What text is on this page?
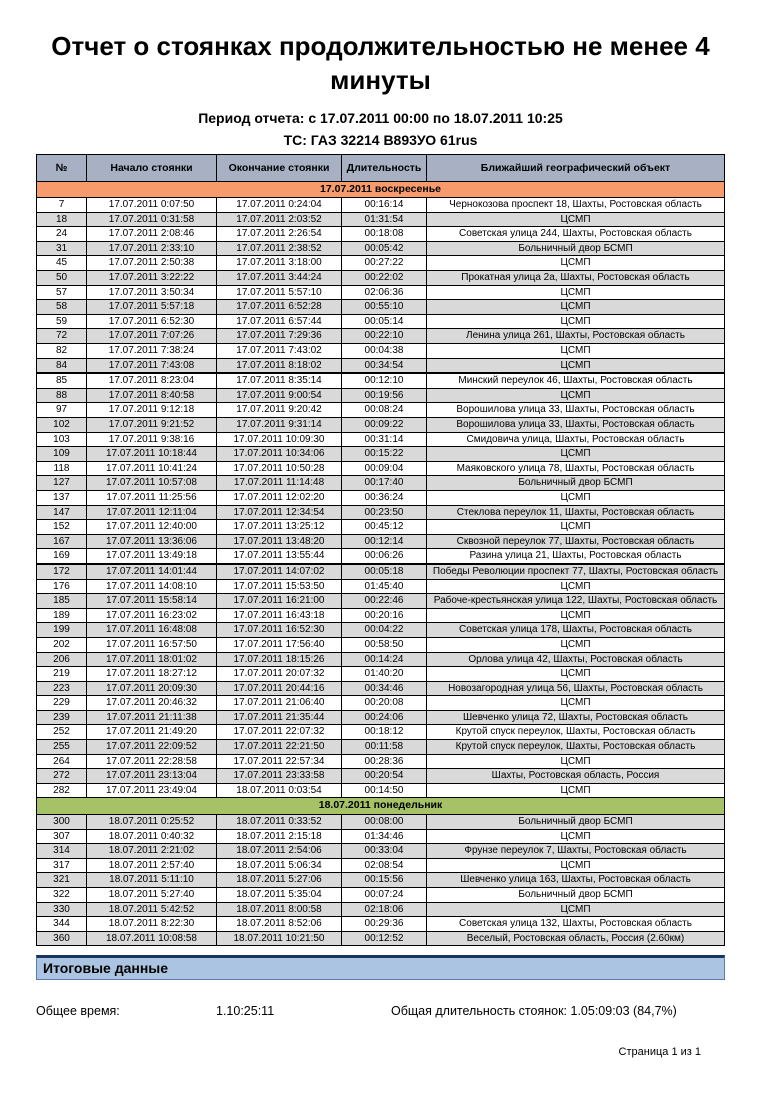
Отчет о стоянках продолжительностью не менее 4 минуты
Период отчета: с 17.07.2011 00:00 по 18.07.2011 10:25
ТС: ГАЗ 32214 В893УО 61rus
№	Начало стоянки	Окончание стоянки	Длительность	Ближайший географический объект
17.07.2011 воскресенье				
7	17.07.2011 0:07:50	17.07.2011 0:24:04	00:16:14	Чернокозова проспект 18, Шахты, Ростовская область
18	17.07.2011 0:31:58	17.07.2011 2:03:52	01:31:54	ЦСМП
24	17.07.2011 2:08:46	17.07.2011 2:26:54	00:18:08	Советская улица 244, Шахты, Ростовская область
31	17.07.2011 2:33:10	17.07.2011 2:38:52	00:05:42	Больничный двор БСМП
45	17.07.2011 2:50:38	17.07.2011 3:18:00	00:27:22	ЦСМП
50	17.07.2011 3:22:22	17.07.2011 3:44:24	00:22:02	Прокатная улица 2а, Шахты, Ростовская область
57	17.07.2011 3:50:34	17.07.2011 5:57:10	02:06:36	ЦСМП
58	17.07.2011 5:57:18	17.07.2011 6:52:28	00:55:10	ЦСМП
59	17.07.2011 6:52:30	17.07.2011 6:57:44	00:05:14	ЦСМП
72	17.07.2011 7:07:26	17.07.2011 7:29:36	00:22:10	Ленина улица 261, Шахты, Ростовская область
82	17.07.2011 7:38:24	17.07.2011 7:43:02	00:04:38	ЦСМП
84	17.07.2011 7:43:08	17.07.2011 8:18:02	00:34:54	ЦСМП
85	17.07.2011 8:23:04	17.07.2011 8:35:14	00:12:10	Минский переулок 46, Шахты, Ростовская область
88	17.07.2011 8:40:58	17.07.2011 9:00:54	00:19:56	ЦСМП
97	17.07.2011 9:12:18	17.07.2011 9:20:42	00:08:24	Ворошилова улица 33, Шахты, Ростовская область
102	17.07.2011 9:21:52	17.07.2011 9:31:14	00:09:22	Ворошилова улица 33, Шахты, Ростовская область
103	17.07.2011 9:38:16	17.07.2011 10:09:30	00:31:14	Смидовича улица, Шахты, Ростовская область
109	17.07.2011 10:18:44	17.07.2011 10:34:06	00:15:22	ЦСМП
118	17.07.2011 10:41:24	17.07.2011 10:50:28	00:09:04	Маяковского улица 78, Шахты, Ростовская область
127	17.07.2011 10:57:08	17.07.2011 11:14:48	00:17:40	Больничный двор БСМП
137	17.07.2011 11:25:56	17.07.2011 12:02:20	00:36:24	ЦСМП
147	17.07.2011 12:11:04	17.07.2011 12:34:54	00:23:50	Стеклова переулок 11, Шахты, Ростовская область
152	17.07.2011 12:40:00	17.07.2011 13:25:12	00:45:12	ЦСМП
167	17.07.2011 13:36:06	17.07.2011 13:48:20	00:12:14	Сквозной переулок 77, Шахты, Ростовская область
169	17.07.2011 13:49:18	17.07.2011 13:55:44	00:06:26	Разина улица 21, Шахты, Ростовская область
172	17.07.2011 14:01:44	17.07.2011 14:07:02	00:05:18	Победы Революции проспект 77, Шахты, Ростовская область
176	17.07.2011 14:08:10	17.07.2011 15:53:50	01:45:40	ЦСМП
185	17.07.2011 15:58:14	17.07.2011 16:21:00	00:22:46	Рабоче-крестьянская улица 122, Шахты, Ростовская область
189	17.07.2011 16:23:02	17.07.2011 16:43:18	00:20:16	ЦСМП
199	17.07.2011 16:48:08	17.07.2011 16:52:30	00:04:22	Советская улица 178, Шахты, Ростовская область
202	17.07.2011 16:57:50	17.07.2011 17:56:40	00:58:50	ЦСМП
206	17.07.2011 18:01:02	17.07.2011 18:15:26	00:14:24	Орлова улица 42, Шахты, Ростовская область
219	17.07.2011 18:27:12	17.07.2011 20:07:32	01:40:20	ЦСМП
223	17.07.2011 20:09:30	17.07.2011 20:44:16	00:34:46	Новозагородная улица 56, Шахты, Ростовская область
229	17.07.2011 20:46:32	17.07.2011 21:06:40	00:20:08	ЦСМП
239	17.07.2011 21:11:38	17.07.2011 21:35:44	00:24:06	Шевченко улица 72, Шахты, Ростовская область
252	17.07.2011 21:49:20	17.07.2011 22:07:32	00:18:12	Крутой спуск переулок, Шахты, Ростовская область
255	17.07.2011 22:09:52	17.07.2011 22:21:50	00:11:58	Крутой спуск переулок, Шахты, Ростовская область
264	17.07.2011 22:28:58	17.07.2011 22:57:34	00:28:36	ЦСМП
272	17.07.2011 23:13:04	17.07.2011 23:33:58	00:20:54	Шахты, Ростовская область, Россия
282	17.07.2011 23:49:04	18.07.2011 0:03:54	00:14:50	ЦСМП
18.07.2011 понедельник				
300	18.07.2011 0:25:52	18.07.2011 0:33:52	00:08:00	Больничный двор БСМП
307	18.07.2011 0:40:32	18.07.2011 2:15:18	01:34:46	ЦСМП
314	18.07.2011 2:21:02	18.07.2011 2:54:06	00:33:04	Фрунзе переулок 7, Шахты, Ростовская область
317	18.07.2011 2:57:40	18.07.2011 5:06:34	02:08:54	ЦСМП
321	18.07.2011 5:11:10	18.07.2011 5:27:06	00:15:56	Шевченко улица 163, Шахты, Ростовская область
322	18.07.2011 5:27:40	18.07.2011 5:35:04	00:07:24	Больничный двор БСМП
330	18.07.2011 5:42:52	18.07.2011 8:00:58	02:18:06	ЦСМП
344	18.07.2011 8:22:30	18.07.2011 8:52:06	00:29:36	Советская улица 132, Шахты, Ростовская область
360	18.07.2011 10:08:58	18.07.2011 10:21:50	00:12:52	Веселый, Ростовская область, Россия (2.60км)
Итоговые данные
Общее время:	1.10:25:11	Общая длительность стоянок: 1.05:09:03 (84,7%)
Страница 1 из 1
